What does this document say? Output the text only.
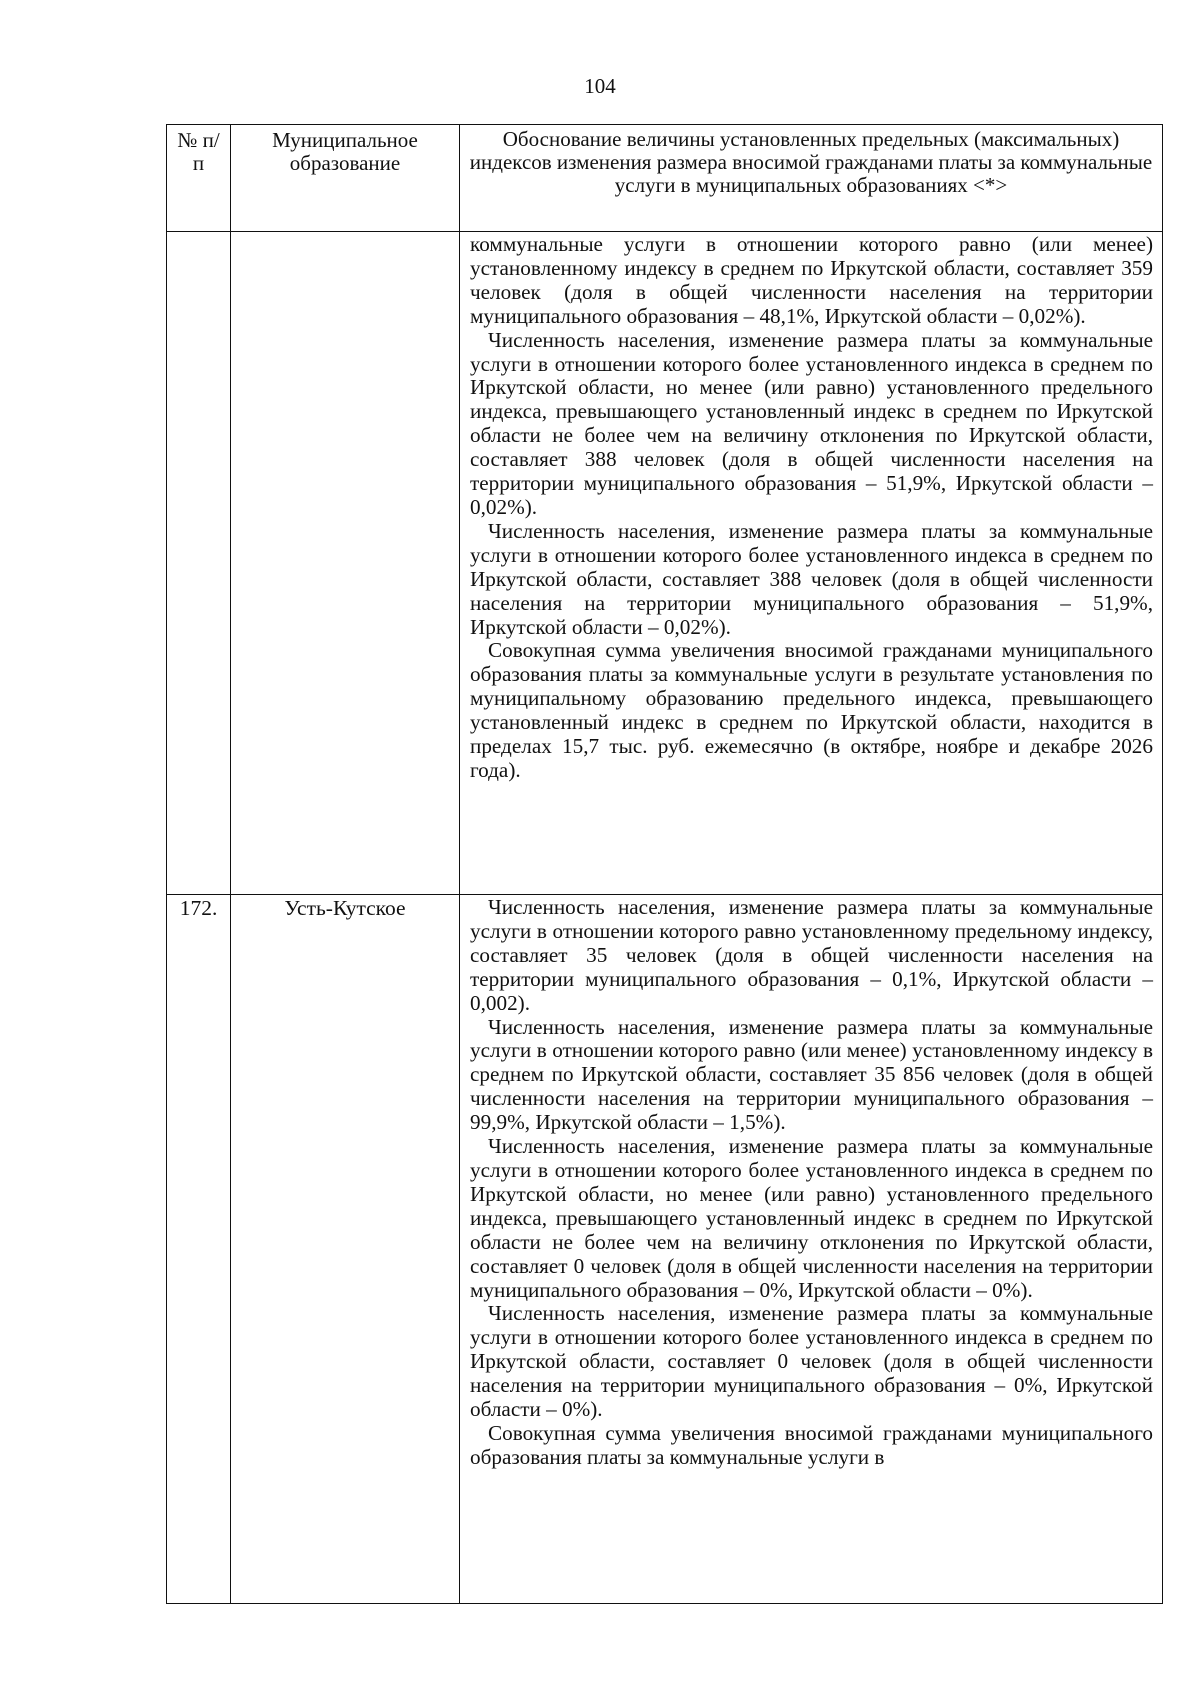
104
№ п/п	Муниципальное образование	Обоснование величины установленных предельных (максимальных) индексов изменения размера вносимой гражданами платы за коммунальные услуги в муниципальных образованиях <*>

		коммунальные услуги в отношении которого равно (или менее) установленному индексу в среднем по Иркутской области, составляет 359 человек (доля в общей численности населения на территории муниципального образования – 48,1%, Иркутской области – 0,02%).

Численность населения, изменение размера платы за коммунальные услуги в отношении которого более установленного индекса в среднем по Иркутской области, но менее (или равно) установленного предельного индекса, превышающего установленный индекс в среднем по Иркутской области не более чем на величину отклонения по Иркутской области, составляет 388 человек (доля в общей численности населения на территории муниципального образования – 51,9%, Иркутской области – 0,02%).

Численность населения, изменение размера платы за коммунальные услуги в отношении которого более установленного индекса в среднем по Иркутской области, составляет 388 человек (доля в общей численности населения на территории муниципального образования – 51,9%, Иркутской области – 0,02%).

Совокупная сумма увеличения вносимой гражданами муниципального образования платы за коммунальные услуги в результате установления по муниципальному образованию предельного индекса, превышающего установленный индекс в среднем по Иркутской области, находится в пределах 15,7 тыс. руб. ежемесячно (в октябре, ноябре и декабре 2026 года).

172.	Усть-Кутское	Численность населения, изменение размера платы за коммунальные услуги в отношении которого равно установленному предельному индексу, составляет 35 человек (доля в общей численности населения на территории муниципального образования – 0,1%, Иркутской области – 0,002).

Численность населения, изменение размера платы за коммунальные услуги в отношении которого равно (или менее) установленному индексу в среднем по Иркутской области, составляет 35 856 человек (доля в общей численности населения на территории муниципального образования – 99,9%, Иркутской области – 1,5%).

Численность населения, изменение размера платы за коммунальные услуги в отношении которого более установленного индекса в среднем по Иркутской области, но менее (или равно) установленного предельного индекса, превышающего установленный индекс в среднем по Иркутской области не более чем на величину отклонения по Иркутской области, составляет 0 человек (доля в общей численности населения на территории муниципального образования – 0%, Иркутской области – 0%).

Численность населения, изменение размера платы за коммунальные услуги в отношении которого более установленного индекса в среднем по Иркутской области, составляет 0 человек (доля в общей численности населения на территории муниципального образования – 0%, Иркутской области – 0%).

Совокупная сумма увеличения вносимой гражданами муниципального образования платы за коммунальные услуги в
